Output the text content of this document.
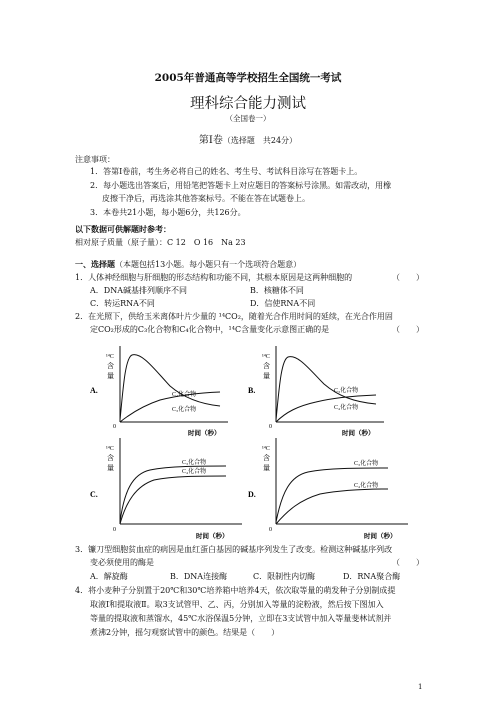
2005年普通高等学校招生全国统一考试
理科综合能力测试
（全国卷一）
第Ⅰ卷（选择题　共24分）
注意事项：
1．答第Ⅰ卷前，考生务必将自己的姓名、考生号、考试科目涂写在答题卡上。
2．每小题选出答案后，用铅笔把答题卡上对应题目的答案标号涂黑。如需改动，用橡
皮擦干净后，再选涂其他答案标号。不能在答在试题卷上。
3．本卷共21小题，每小题6分，共126分。
以下数据可供解题时参考：
相对原子质量（原子量）：C 12　O 16　Na 23
一、选择题（本题包括13小题。每小题只有一个选项符合题意）
1．人体神经细胞与肝细胞的形态结构和功能不同，其根本原因是这两种细胞的	（　　）
A．DNA碱基排列顺序不同	B．核糖体不同
C．转运RNA不同	D．信使RNA不同
2．在光照下，供给玉米离体叶片少量的 ¹⁴CO₂，随着光合作用时间的延续，在光合作用固
定CO₂形成的C₃化合物和C₄化合物中，¹⁴C含量变化示意图正确的是	（　　）
A.
¹⁴C
含
量
0
C₄化合物
C₃化合物
时间（秒）
B.
¹⁴C
含
量
0
C₃化合物
C₄化合物
时间（秒）
C.
¹⁴C
含
量
0
C₃化合物
C₄化合物
时间（秒）
D.
¹⁴C
含
量
0
C₃化合物
C₄化合物
时间（秒）
3．镰刀型细胞贫血症的病因是血红蛋白基因的碱基序列发生了改变。检测这种碱基序列改
变必须使用的酶是	（　　）
A．解旋酶	B．DNA连接酶	C．限制性内切酶	D．RNA聚合酶
4．将小麦种子分别置于20℃和30℃培养箱中培养4天，依次取等量的萌发种子分别制成提
取液Ⅰ和提取液Ⅱ。取3支试管甲、乙、丙，分别加入等量的淀粉液，然后按下图加入
等量的提取液和蒸馏水，45℃水浴保温5分钟，立即在3支试管中加入等量斐林试剂并
煮沸2分钟，摇匀观察试管中的颜色。结果是（　　）
1
